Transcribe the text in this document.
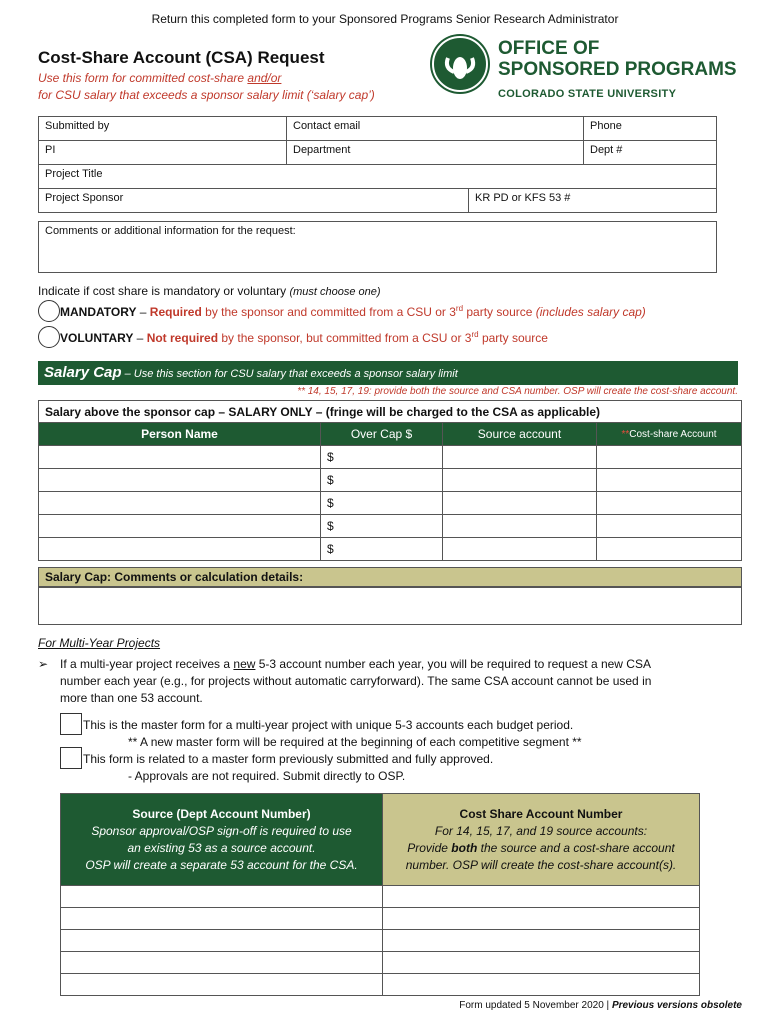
Return this completed form to your Sponsored Programs Senior Research Administrator
Cost-Share Account (CSA) Request
Use this form for committed cost-share and/or
for CSU salary that exceeds a sponsor salary limit (‘salary cap’)
OFFICE OF
SPONSORED PROGRAMS
COLORADO STATE UNIVERSITY
Submitted by	Contact email	Phone
PI	Department	Dept #
Project Title
Project Sponsor	KR PD or KFS 53 #
Comments or additional information for the request:
Indicate if cost share is mandatory or voluntary (must choose one)
MANDATORY – Required by the sponsor and committed from a CSU or 3rd party source (includes salary cap)
VOLUNTARY – Not required by the sponsor, but committed from a CSU or 3rd party source
Salary Cap – Use this section for CSU salary that exceeds a sponsor salary limit
** 14, 15, 17, 19: provide both the source and CSA number. OSP will create the cost-share account.
Salary above the sponsor cap – SALARY ONLY – (fringe will be charged to the CSA as applicable)
Person Name	Over Cap $	Source account	**Cost-share Account
	$		
	$		
	$		
	$		
	$		
Salary Cap: Comments or calculation details:
For Multi-Year Projects
➢ If a multi-year project receives a new 5-3 account number each year, you will be required to request a new CSA
number each year (e.g., for projects without automatic carryforward). The same CSA account cannot be used in
more than one 53 account.
This is the master form for a multi-year project with unique 5-3 accounts each budget period.
** A new master form will be required at the beginning of each competitive segment **
This form is related to a master form previously submitted and fully approved.
- Approvals are not required. Submit directly to OSP.
Source (Dept Account Number)
Sponsor approval/OSP sign-off is required to use
an existing 53 as a source account.
OSP will create a separate 53 account for the CSA.	Cost Share Account Number
For 14, 15, 17, and 19 source accounts:
Provide both the source and a cost-share account
number. OSP will create the cost-share account(s).

Form updated 5 November 2020 | Previous versions obsolete
